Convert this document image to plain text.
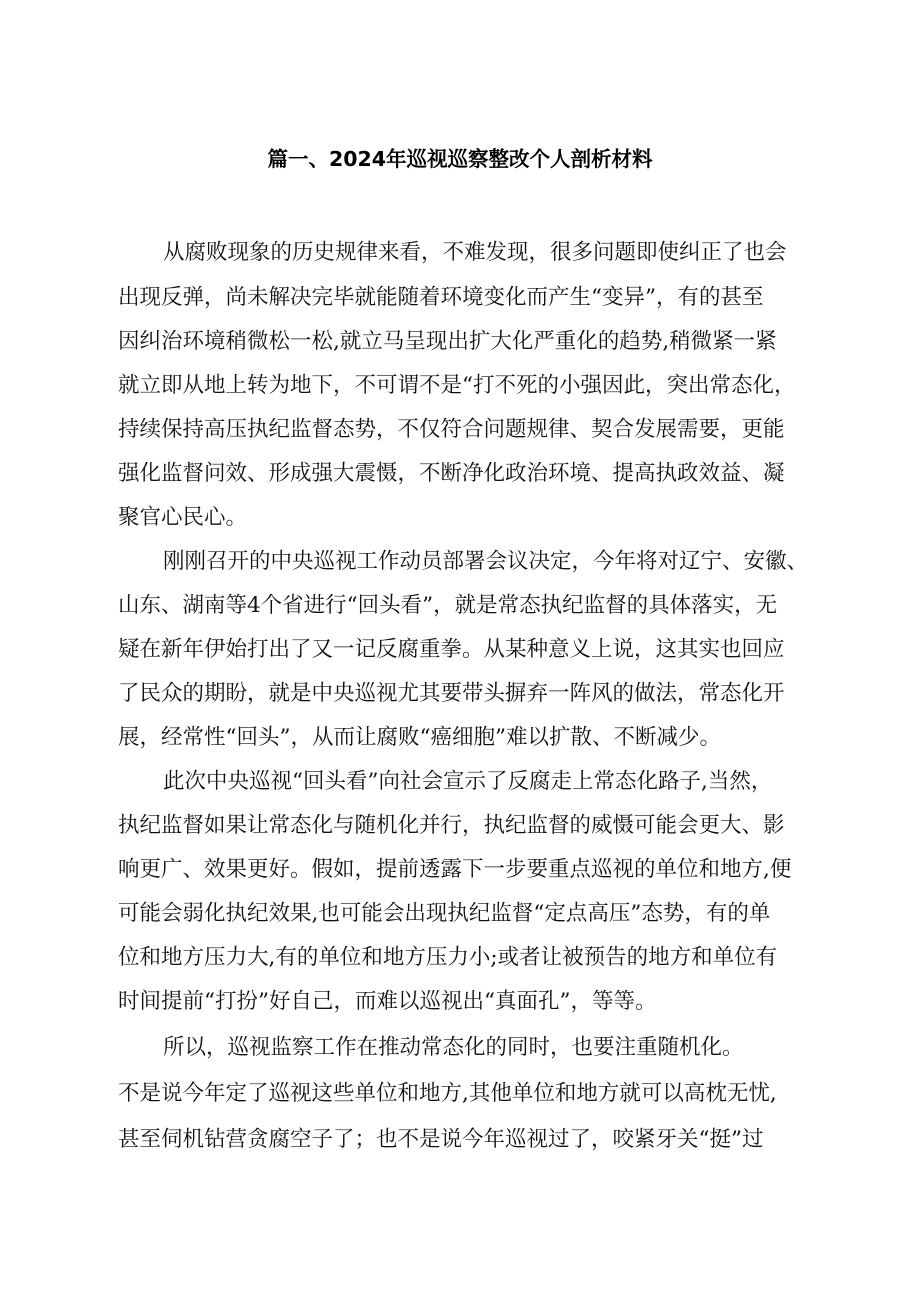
篇一、2024年巡视巡察整改个人剖析材料
从腐败现象的历史规律来看，不难发现，很多问题即使纠正了也会
出现反弹，尚未解决完毕就能随着环境变化而产生“变异”，有的甚至
因纠治环境稍微松一松,就立马呈现出扩大化严重化的趋势,稍微紧一紧
就立即从地上转为地下，不可谓不是“打不死的小强因此，突出常态化，
持续保持高压执纪监督态势，不仅符合问题规律、契合发展需要，更能
强化监督问效、形成强大震慑，不断净化政治环境、提高执政效益、凝
聚官心民心。
刚刚召开的中央巡视工作动员部署会议决定，今年将对辽宁、安徽、
山东、湖南等4个省进行“回头看”，就是常态执纪监督的具体落实，无
疑在新年伊始打出了又一记反腐重拳。从某种意义上说，这其实也回应
了民众的期盼，就是中央巡视尤其要带头摒弃一阵风的做法，常态化开
展，经常性“回头”，从而让腐败“癌细胞”难以扩散、不断减少。
此次中央巡视“回头看”向社会宣示了反腐走上常态化路子,当然，
执纪监督如果让常态化与随机化并行，执纪监督的威慑可能会更大、影
响更广、效果更好。假如，提前透露下一步要重点巡视的单位和地方,便
可能会弱化执纪效果,也可能会出现执纪监督“定点高压”态势，有的单
位和地方压力大,有的单位和地方压力小;或者让被预告的地方和单位有
时间提前“打扮”好自己，而难以巡视出“真面孔”，等等。
所以，巡视监察工作在推动常态化的同时，也要注重随机化。
不是说今年定了巡视这些单位和地方,其他单位和地方就可以高枕无忧,
甚至伺机钻营贪腐空子了；也不是说今年巡视过了，咬紧牙关“挺”过
